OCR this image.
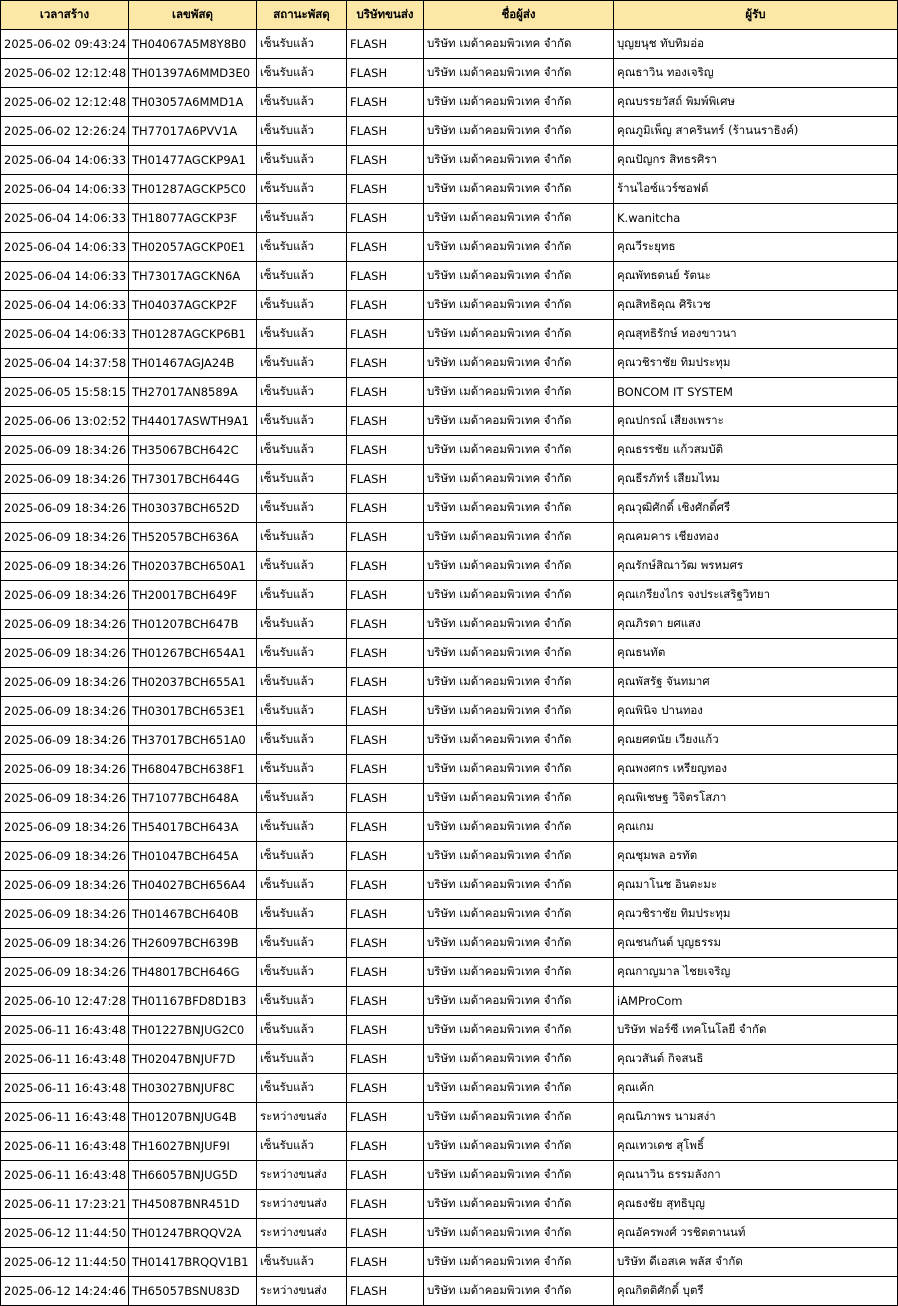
เวลาสร้าง	เลขพัสดุ	สถานะพัสดุ	บริษัทขนส่ง	ชื่อผู้ส่ง	ผู้รับ
2025-06-02 09:43:24	TH04067A5M8Y8B0	เซ็นรับแล้ว	FLASH	บริษัท เมด้าคอมพิวเทค จำกัด	บุญยนุช ทับทิมอ่อ
2025-06-02 12:12:48	TH01397A6MMD3E0	เซ็นรับแล้ว	FLASH	บริษัท เมด้าคอมพิวเทค จำกัด	คุณธาวิน ทองเจริญ
2025-06-02 12:12:48	TH03057A6MMD1A	เซ็นรับแล้ว	FLASH	บริษัท เมด้าคอมพิวเทค จำกัด	คุณบรรยวัสถ์ พิมพ์พิเศษ
2025-06-02 12:26:24	TH77017A6PVV1A	เซ็นรับแล้ว	FLASH	บริษัท เมด้าคอมพิวเทค จำกัด	คุณภูมิเพ็ญ สาครินทร์ (ร้านนราธิงค์)
2025-06-04 14:06:33	TH01477AGCKP9A1	เซ็นรับแล้ว	FLASH	บริษัท เมด้าคอมพิวเทค จำกัด	คุณปัญกร สิทธรศิรา
2025-06-04 14:06:33	TH01287AGCKP5C0	เซ็นรับแล้ว	FLASH	บริษัท เมด้าคอมพิวเทค จำกัด	ร้านไอซ์แวร์ซอฟต์
2025-06-04 14:06:33	TH18077AGCKP3F	เซ็นรับแล้ว	FLASH	บริษัท เมด้าคอมพิวเทค จำกัด	K.wanitcha
2025-06-04 14:06:33	TH02057AGCKP0E1	เซ็นรับแล้ว	FLASH	บริษัท เมด้าคอมพิวเทค จำกัด	คุณวีระยุทธ
2025-06-04 14:06:33	TH73017AGCKN6A	เซ็นรับแล้ว	FLASH	บริษัท เมด้าคอมพิวเทค จำกัด	คุณพัทธดนย์ รัตนะ
2025-06-04 14:06:33	TH04037AGCKP2F	เซ็นรับแล้ว	FLASH	บริษัท เมด้าคอมพิวเทค จำกัด	คุณสิทธิคุณ ศิริเวช
2025-06-04 14:06:33	TH01287AGCKP6B1	เซ็นรับแล้ว	FLASH	บริษัท เมด้าคอมพิวเทค จำกัด	คุณสุทธิรักษ์ ทองขาวนา
2025-06-04 14:37:58	TH01467AGJA24B	เซ็นรับแล้ว	FLASH	บริษัท เมด้าคอมพิวเทค จำกัด	คุณวชิราชัย ทิมประทุม
2025-06-05 15:58:15	TH27017AN8589A	เซ็นรับแล้ว	FLASH	บริษัท เมด้าคอมพิวเทค จำกัด	BONCOM IT SYSTEM
2025-06-06 13:02:52	TH44017ASWTH9A1	เซ็นรับแล้ว	FLASH	บริษัท เมด้าคอมพิวเทค จำกัด	คุณปกรณ์ เสียงเพราะ
2025-06-09 18:34:26	TH35067BCH642C	เซ็นรับแล้ว	FLASH	บริษัท เมด้าคอมพิวเทค จำกัด	คุณธรรชัย แก้วสมบัติ
2025-06-09 18:34:26	TH73017BCH644G	เซ็นรับแล้ว	FLASH	บริษัท เมด้าคอมพิวเทค จำกัด	คุณธีรภัทร์ เสียมไหม
2025-06-09 18:34:26	TH03037BCH652D	เซ็นรับแล้ว	FLASH	บริษัท เมด้าคอมพิวเทค จำกัด	คุณวุฒิศักดิ์ เชิงศักดิ์ศรี
2025-06-09 18:34:26	TH52057BCH636A	เซ็นรับแล้ว	FLASH	บริษัท เมด้าคอมพิวเทค จำกัด	คุณคมคาร เชียงทอง
2025-06-09 18:34:26	TH02037BCH650A1	เซ็นรับแล้ว	FLASH	บริษัท เมด้าคอมพิวเทค จำกัด	คุณรักษ์สิณาวัฒ พรหมศร
2025-06-09 18:34:26	TH20017BCH649F	เซ็นรับแล้ว	FLASH	บริษัท เมด้าคอมพิวเทค จำกัด	คุณเกรียงไกร จงประเสริฐวิทยา
2025-06-09 18:34:26	TH01207BCH647B	เซ็นรับแล้ว	FLASH	บริษัท เมด้าคอมพิวเทค จำกัด	คุณภิรดา ยศแสง
2025-06-09 18:34:26	TH01267BCH654A1	เซ็นรับแล้ว	FLASH	บริษัท เมด้าคอมพิวเทค จำกัด	คุณธนทัต
2025-06-09 18:34:26	TH02037BCH655A1	เซ็นรับแล้ว	FLASH	บริษัท เมด้าคอมพิวเทค จำกัด	คุณพัสรัฐ จันทมาศ
2025-06-09 18:34:26	TH03017BCH653E1	เซ็นรับแล้ว	FLASH	บริษัท เมด้าคอมพิวเทค จำกัด	คุณพินิจ ปานทอง
2025-06-09 18:34:26	TH37017BCH651A0	เซ็นรับแล้ว	FLASH	บริษัท เมด้าคอมพิวเทค จำกัด	คุณยศดนัย เวียงแก้ว
2025-06-09 18:34:26	TH68047BCH638F1	เซ็นรับแล้ว	FLASH	บริษัท เมด้าคอมพิวเทค จำกัด	คุณพงศกร เหรียญทอง
2025-06-09 18:34:26	TH71077BCH648A	เซ็นรับแล้ว	FLASH	บริษัท เมด้าคอมพิวเทค จำกัด	คุณพิเชษฐ วิจิตรโสภา
2025-06-09 18:34:26	TH54017BCH643A	เซ็นรับแล้ว	FLASH	บริษัท เมด้าคอมพิวเทค จำกัด	คุณเกม
2025-06-09 18:34:26	TH01047BCH645A	เซ็นรับแล้ว	FLASH	บริษัท เมด้าคอมพิวเทค จำกัด	คุณชุมพล อรทัต
2025-06-09 18:34:26	TH04027BCH656A4	เซ็นรับแล้ว	FLASH	บริษัท เมด้าคอมพิวเทค จำกัด	คุณมาโนช อินตะมะ
2025-06-09 18:34:26	TH01467BCH640B	เซ็นรับแล้ว	FLASH	บริษัท เมด้าคอมพิวเทค จำกัด	คุณวชิราชัย ทิมประทุม
2025-06-09 18:34:26	TH26097BCH639B	เซ็นรับแล้ว	FLASH	บริษัท เมด้าคอมพิวเทค จำกัด	คุณชนกันต์ บุญธรรม
2025-06-09 18:34:26	TH48017BCH646G	เซ็นรับแล้ว	FLASH	บริษัท เมด้าคอมพิวเทค จำกัด	คุณกาญมาล ไชยเจริญ
2025-06-10 12:47:28	TH01167BFD8D1B3	เซ็นรับแล้ว	FLASH	บริษัท เมด้าคอมพิวเทค จำกัด	iAMProCom
2025-06-11 16:43:48	TH01227BNJUG2C0	เซ็นรับแล้ว	FLASH	บริษัท เมด้าคอมพิวเทค จำกัด	บริษัท ฟอร์ซี เทคโนโลยี จำกัด
2025-06-11 16:43:48	TH02047BNJUF7D	เซ็นรับแล้ว	FLASH	บริษัท เมด้าคอมพิวเทค จำกัด	คุณวสันต์ กิจสนธิ
2025-06-11 16:43:48	TH03027BNJUF8C	เซ็นรับแล้ว	FLASH	บริษัท เมด้าคอมพิวเทค จำกัด	คุณเค้ก
2025-06-11 16:43:48	TH01207BNJUG4B	ระหว่างขนส่ง	FLASH	บริษัท เมด้าคอมพิวเทค จำกัด	คุณนิภาพร นามสง่า
2025-06-11 16:43:48	TH16027BNJUF9I	เซ็นรับแล้ว	FLASH	บริษัท เมด้าคอมพิวเทค จำกัด	คุณเทวเดช สุโพธิ์
2025-06-11 16:43:48	TH66057BNJUG5D	ระหว่างขนส่ง	FLASH	บริษัท เมด้าคอมพิวเทค จำกัด	คุณนาวิน ธรรมลังกา
2025-06-11 17:23:21	TH45087BNR451D	ระหว่างขนส่ง	FLASH	บริษัท เมด้าคอมพิวเทค จำกัด	คุณธงชัย สุทธิบุญ
2025-06-12 11:44:50	TH01247BRQQV2A	ระหว่างขนส่ง	FLASH	บริษัท เมด้าคอมพิวเทค จำกัด	คุณอัครพงศ์ วรชิตตานนท์
2025-06-12 11:44:50	TH01417BRQQV1B1	เซ็นรับแล้ว	FLASH	บริษัท เมด้าคอมพิวเทค จำกัด	บริษัท ดีเอสเค พลัส จำกัด
2025-06-12 14:24:46	TH65057BSNU83D	ระหว่างขนส่ง	FLASH	บริษัท เมด้าคอมพิวเทค จำกัด	คุณกิตติศักดิ์ บุตรี
